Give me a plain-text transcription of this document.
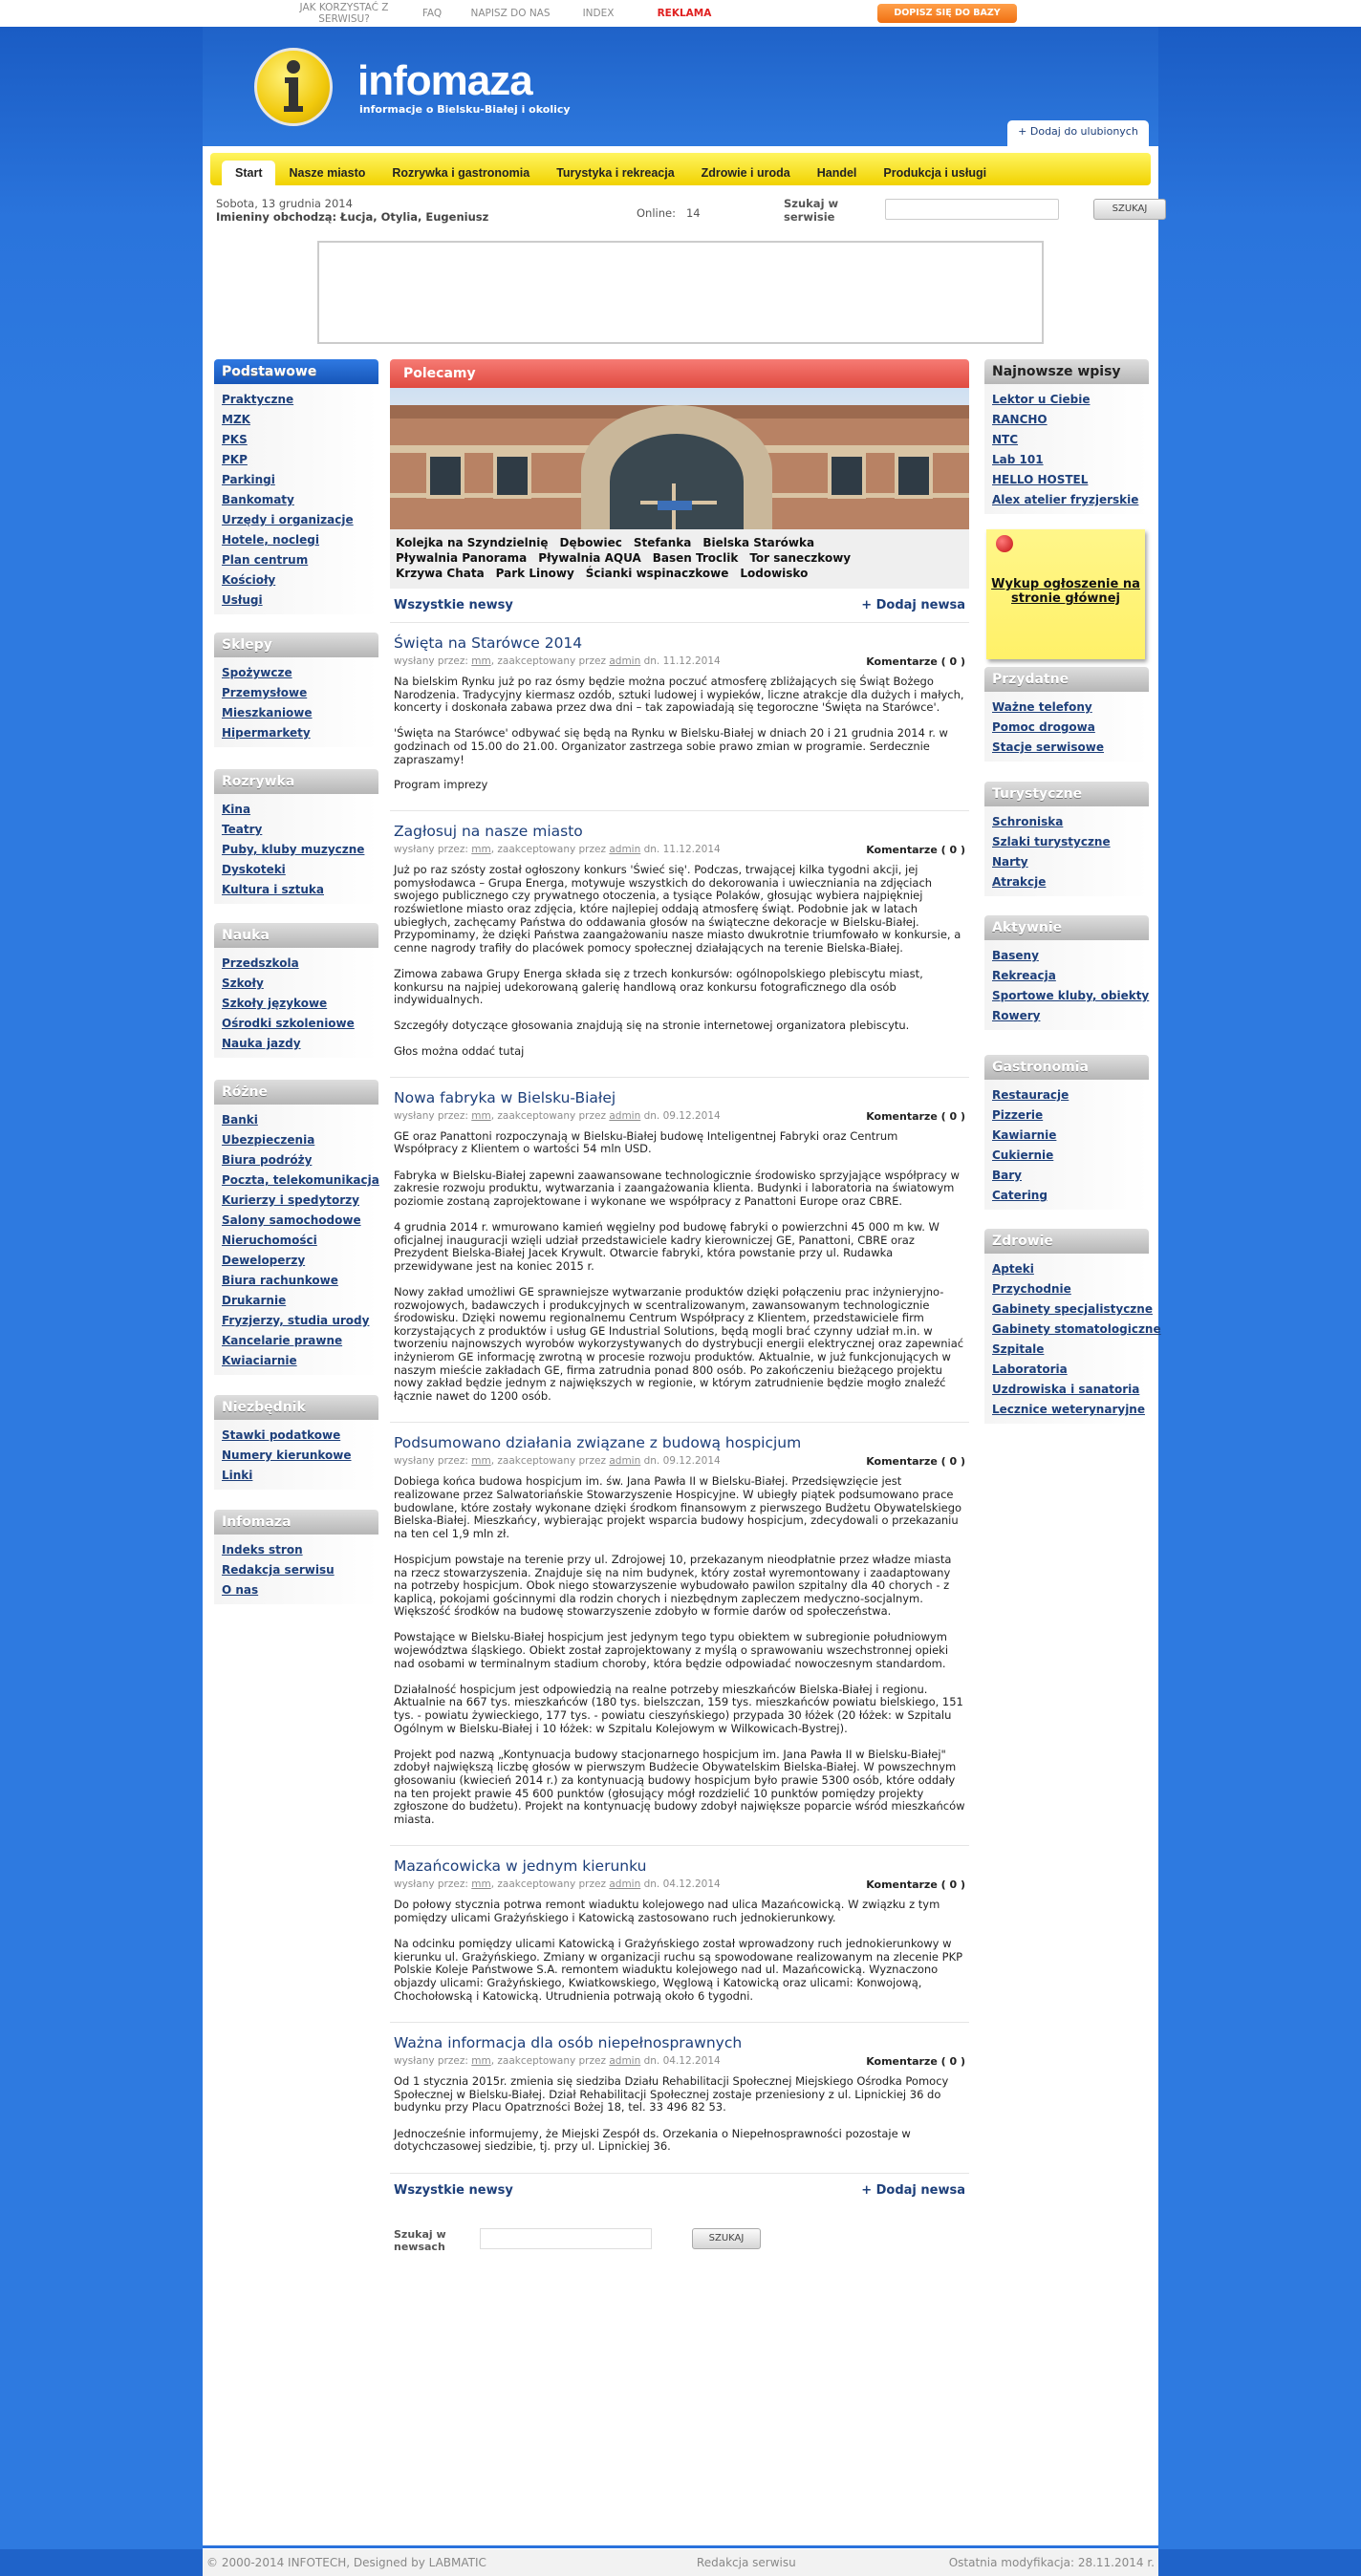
JAK KORZYSTAĆ Z SERWISU?	FAQ	NAPISZ DO NAS	INDEX	REKLAMA	DOPISZ SIĘ DO BAZY
infomaza
informacje o Bielsku-Białej i okolicy
+ Dodaj do ulubionych
Start	Nasze miasto	Rozrywka i gastronomia	Turystyka i rekreacja	Zdrowie i uroda	Handel	Produkcja i usługi
Sobota, 13 grudnia 2014
Imieniny obchodzą: Łucja, Otylia, Eugeniusz	Online: 14
Szukaj w serwisie
SZUKAJ
Podstawowe
Praktyczne
MZK
PKS
PKP
Parkingi
Bankomaty
Urzędy i organizacje
Hotele, noclegi
Plan centrum
Kościoły
Usługi
Sklepy
Spożywcze
Przemysłowe
Mieszkaniowe
Hipermarkety
Rozrywka
Kina
Teatry
Puby, kluby muzyczne
Dyskoteki
Kultura i sztuka
Nauka
Przedszkola
Szkoły
Szkoły językowe
Ośrodki szkoleniowe
Nauka jazdy
Różne
Banki
Ubezpieczenia
Biura podróży
Poczta, telekomunikacja
Kurierzy i spedytorzy
Salony samochodowe
Nieruchomości
Deweloperzy
Biura rachunkowe
Drukarnie
Fryzjerzy, studia urody
Kancelarie prawne
Kwiaciarnie
Niezbędnik
Stawki podatkowe
Numery kierunkowe
Linki
Infomaza
Indeks stron
Redakcja serwisu
O nas
Polecamy
Kolejka na Szyndzielnię Dębowiec Stefanka Bielska Starówka
Pływalnia Panorama Pływalnia AQUA Basen Troclik Tor saneczkowy
Krzywa Chata Park Linowy Ścianki wspinaczkowe Lodowisko
Wszystkie newsy	+ Dodaj newsa
Święta na Starówce 2014
wysłany przez: mm, zaakceptowany przez admin dn. 11.12.2014	Komentarze ( 0 )
Na bielskim Rynku już po raz ósmy będzie można poczuć atmosferę zbliżających się Świąt Bożego Narodzenia. Tradycyjny kiermasz ozdób, sztuki ludowej i wypieków, liczne atrakcje dla dużych i małych, koncerty i doskonała zabawa przez dwa dni – tak zapowiadają się tegoroczne 'Święta na Starówce'.

'Święta na Starówce' odbywać się będą na Rynku w Bielsku-Białej w dniach 20 i 21 grudnia 2014 r. w godzinach od 15.00 do 21.00. Organizator zastrzega sobie prawo zmian w programie. Serdecznie zapraszamy!
Program imprezy
Zagłosuj na nasze miasto
wysłany przez: mm, zaakceptowany przez admin dn. 11.12.2014	Komentarze ( 0 )
Już po raz szósty został ogłoszony konkurs 'Świeć się'. Podczas, trwającej kilka tygodni akcji, jej pomysłodawca – Grupa Energa, motywuje wszystkich do dekorowania i uwieczniania na zdjęciach swojego publicznego czy prywatnego otoczenia, a tysiące Polaków, głosując wybiera najpiękniej rozświetlone miasto oraz zdjęcia, które najlepiej oddają atmosferę świąt. Podobnie jak w latach ubiegłych, zachęcamy Państwa do oddawania głosów na świąteczne dekoracje w Bielsku-Białej. Przypominamy, że dzięki Państwa zaangażowaniu nasze miasto dwukrotnie triumfowało w konkursie, a cenne nagrody trafiły do placówek pomocy społecznej działających na terenie Bielska-Białej.

Zimowa zabawa Grupy Energa składa się z trzech konkursów: ogólnopolskiego plebiscytu miast, konkursu na najpiej udekorowaną galerię handlową oraz konkursu fotograficznego dla osób indywidualnych.

Szczegóły dotyczące głosowania znajdują się na stronie internetowej organizatora plebiscytu.
Głos można oddać tutaj
Nowa fabryka w Bielsku-Białej
wysłany przez: mm, zaakceptowany przez admin dn. 09.12.2014	Komentarze ( 0 )
GE oraz Panattoni rozpoczynają w Bielsku-Białej budowę Inteligentnej Fabryki oraz Centrum Współpracy z Klientem o wartości 54 mln USD.

Fabryka w Bielsku-Białej zapewni zaawansowane technologicznie środowisko sprzyjające współpracy w zakresie rozwoju produktu, wytwarzania i zaangażowania klienta. Budynki i laboratoria na światowym poziomie zostaną zaprojektowane i wykonane we współpracy z Panattoni Europe oraz CBRE.

4 grudnia 2014 r. wmurowano kamień węgielny pod budowę fabryki o powierzchni 45 000 m kw. W oficjalnej inauguracji wzięli udział przedstawiciele kadry kierowniczej GE, Panattoni, CBRE oraz Prezydent Bielska-Białej Jacek Krywult. Otwarcie fabryki, która powstanie przy ul. Rudawka przewidywane jest na koniec 2015 r.

Nowy zakład umożliwi GE sprawniejsze wytwarzanie produktów dzięki połączeniu prac inżynieryjno-rozwojowych, badawczych i produkcyjnych w scentralizowanym, zawansowanym technologicznie środowisku. Dzięki nowemu regionalnemu Centrum Współpracy z Klientem, przedstawiciele firm korzystających z produktów i usług GE Industrial Solutions, będą mogli brać czynny udział m.in. w tworzeniu najnowszych wyrobów wykorzystywanych do dystrybucji energii elektrycznej oraz zapewniać inżynierom GE informację zwrotną w procesie rozwoju produktów. Aktualnie, w już funkcjonujących w naszym mieście zakładach GE, firma zatrudnia ponad 800 osób. Po zakończeniu bieżącego projektu nowy zakład będzie jednym z największych w regionie, w którym zatrudnienie będzie mogło znaleźć łącznie nawet do 1200 osób.
Podsumowano działania związane z budową hospicjum
wysłany przez: mm, zaakceptowany przez admin dn. 09.12.2014	Komentarze ( 0 )
Dobiega końca budowa hospicjum im. św. Jana Pawła II w Bielsku-Białej. Przedsięwzięcie jest realizowane przez Salwatoriańskie Stowarzyszenie Hospicyjne. W ubiegły piątek podsumowano prace budowlane, które zostały wykonane dzięki środkom finansowym z pierwszego Budżetu Obywatelskiego Bielska-Białej. Mieszkańcy, wybierając projekt wsparcia budowy hospicjum, zdecydowali o przekazaniu na ten cel 1,9 mln zł.

Hospicjum powstaje na terenie przy ul. Zdrojowej 10, przekazanym nieodpłatnie przez władze miasta na rzecz stowarzyszenia. Znajduje się na nim budynek, który został wyremontowany i zaadaptowany na potrzeby hospicjum. Obok niego stowarzyszenie wybudowało pawilon szpitalny dla 40 chorych - z kaplicą, pokojami gościnnymi dla rodzin chorych i niezbędnym zapleczem medyczno-socjalnym. Większość środków na budowę stowarzyszenie zdobyło w formie darów od społeczeństwa.

Powstające w Bielsku-Białej hospicjum jest jedynym tego typu obiektem w subregionie południowym województwa śląskiego. Obiekt został zaprojektowany z myślą o sprawowaniu wszechstronnej opieki nad osobami w terminalnym stadium choroby, która będzie odpowiadać nowoczesnym standardom.

Działalność hospicjum jest odpowiedzią na realne potrzeby mieszkańców Bielska-Białej i regionu. Aktualnie na 667 tys. mieszkańców (180 tys. bielszczan, 159 tys. mieszkańców powiatu bielskiego, 151 tys. - powiatu żywieckiego, 177 tys. - powiatu cieszyńskiego) przypada 30 łóżek (20 łóżek: w Szpitalu Ogólnym w Bielsku-Białej i 10 łóżek: w Szpitalu Kolejowym w Wilkowicach-Bystrej).

Projekt pod nazwą „Kontynuacja budowy stacjonarnego hospicjum im. Jana Pawła II w Bielsku-Białej" zdobył największą liczbę głosów w pierwszym Budżecie Obywatelskim Bielska-Białej. W powszechnym głosowaniu (kwiecień 2014 r.) za kontynuacją budowy hospicjum było prawie 5300 osób, które oddały na ten projekt prawie 45 600 punktów (głosujący mógł rozdzielić 10 punktów pomiędzy projekty zgłoszone do budżetu). Projekt na kontynuację budowy zdobył największe poparcie wśród mieszkańców miasta.
Mazańcowicka w jednym kierunku
wysłany przez: mm, zaakceptowany przez admin dn. 04.12.2014	Komentarze ( 0 )
Do połowy stycznia potrwa remont wiaduktu kolejowego nad ulica Mazańcowicką. W związku z tym pomiędzy ulicami Grażyńskiego i Katowicką zastosowano ruch jednokierunkowy.

Na odcinku pomiędzy ulicami Katowicką i Grażyńskiego został wprowadzony ruch jednokierunkowy w kierunku ul. Grażyńskiego. Zmiany w organizacji ruchu są spowodowane realizowanym na zlecenie PKP Polskie Koleje Państwowe S.A. remontem wiaduktu kolejowego nad ul. Mazańcowicką. Wyznaczono objazdy ulicami: Grażyńskiego, Kwiatkowskiego, Węglową i Katowicką oraz ulicami: Konwojową, Chochołowską i Katowicką. Utrudnienia potrwają około 6 tygodni.
Ważna informacja dla osób niepełnosprawnych
wysłany przez: mm, zaakceptowany przez admin dn. 04.12.2014	Komentarze ( 0 )
Od 1 stycznia 2015r. zmienia się siedziba Działu Rehabilitacji Społecznej Miejskiego Ośrodka Pomocy Społecznej w Bielsku-Białej. Dział Rehabilitacji Społecznej zostaje przeniesiony z ul. Lipnickiej 36 do budynku przy Placu Opatrzności Bożej 18, tel. 33 496 82 53.

Jednocześnie informujemy, że Miejski Zespół ds. Orzekania o Niepełnosprawności pozostaje w dotychczasowej siedzibie, tj. przy ul. Lipnickiej 36.
Wszystkie newsy	+ Dodaj newsa
Szukaj w newsach
SZUKAJ
Wykup ogłoszenie na stronie głównej
Najnowsze wpisy
Lektor u Ciebie
RANCHO
NTC
Lab 101
HELLO HOSTEL
Alex atelier fryzjerskie
Przydatne
Ważne telefony
Pomoc drogowa
Stacje serwisowe
Turystyczne
Schroniska
Szlaki turystyczne
Narty
Atrakcje
Aktywnie
Baseny
Rekreacja
Sportowe kluby, obiekty
Rowery
Gastronomia
Restauracje
Pizzerie
Kawiarnie
Cukiernie
Bary
Catering
Zdrowie
Apteki
Przychodnie
Gabinety specjalistyczne
Gabinety stomatologiczne
Szpitale
Laboratoria
Uzdrowiska i sanatoria
Lecznice weterynaryjne
© 2000-2014 INFOTECH, Designed by LABMATIC	Redakcja serwisu	Ostatnia modyfikacja: 28.11.2014 r.
